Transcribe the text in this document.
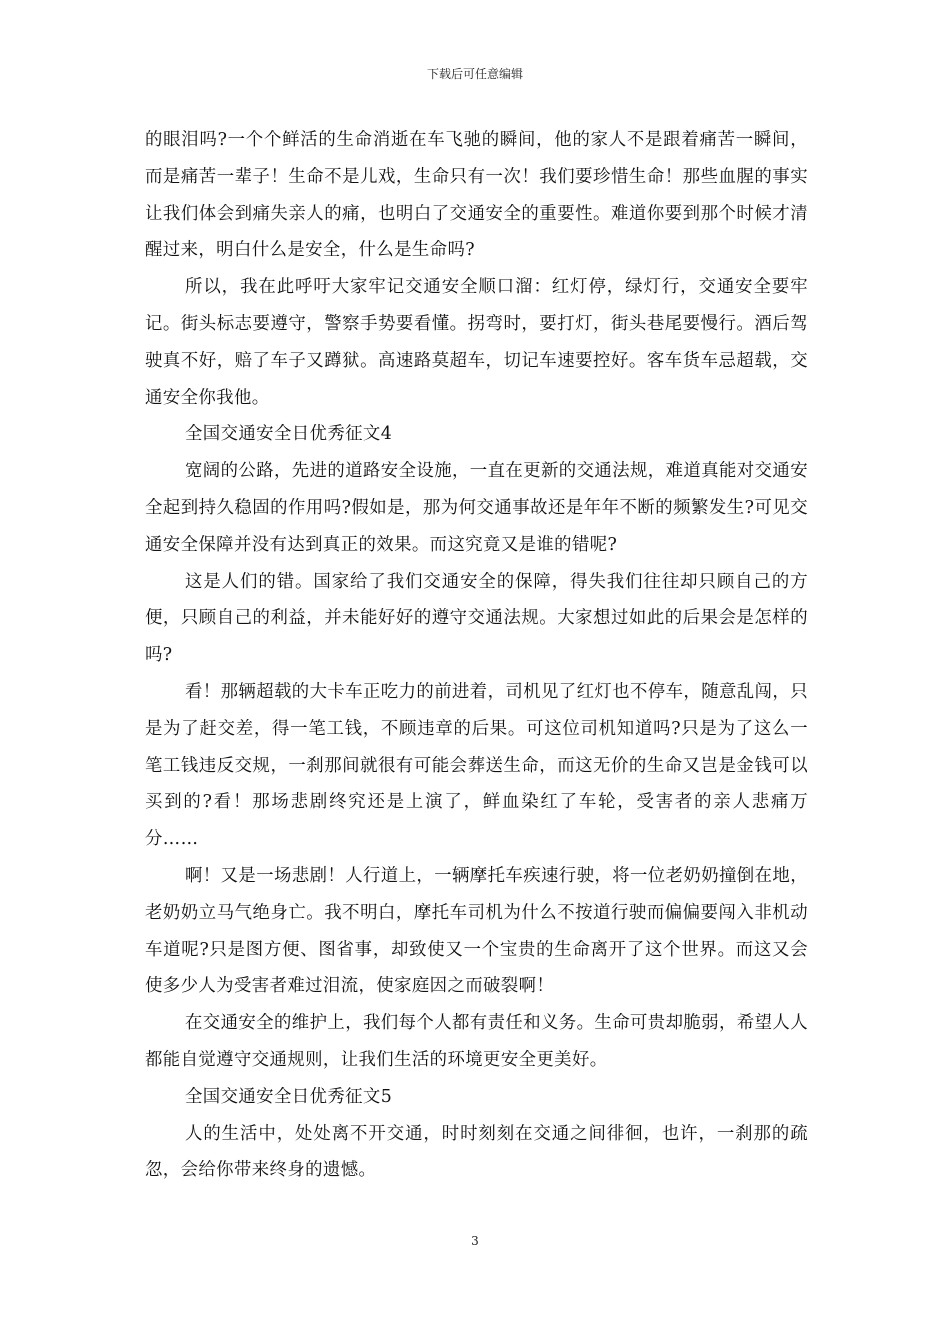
下载后可任意编辑

的眼泪吗?一个个鲜活的生命消逝在车飞驰的瞬间，他的家人不是跟着痛苦一瞬间，而是痛苦一辈子！生命不是儿戏，生命只有一次！我们要珍惜生命！那些血腥的事实让我们体会到痛失亲人的痛，也明白了交通安全的重要性。难道你要到那个时候才清醒过来，明白什么是安全，什么是生命吗?

所以，我在此呼吁大家牢记交通安全顺口溜：红灯停，绿灯行，交通安全要牢记。街头标志要遵守，警察手势要看懂。拐弯时，要打灯，街头巷尾要慢行。酒后驾驶真不好，赔了车子又蹲狱。高速路莫超车，切记车速要控好。客车货车忌超载，交通安全你我他。

全国交通安全日优秀征文4

宽阔的公路，先进的道路安全设施，一直在更新的交通法规，难道真能对交通安全起到持久稳固的作用吗?假如是，那为何交通事故还是年年不断的频繁发生?可见交通安全保障并没有达到真正的效果。而这究竟又是谁的错呢?

这是人们的错。国家给了我们交通安全的保障，得失我们往往却只顾自己的方便，只顾自己的利益，并未能好好的遵守交通法规。大家想过如此的后果会是怎样的吗?

看！那辆超载的大卡车正吃力的前进着，司机见了红灯也不停车，随意乱闯，只是为了赶交差，得一笔工钱，不顾违章的后果。可这位司机知道吗?只是为了这么一笔工钱违反交规，一刹那间就很有可能会葬送生命，而这无价的生命又岂是金钱可以买到的?看！那场悲剧终究还是上演了，鲜血染红了车轮，受害者的亲人悲痛万分……

啊！又是一场悲剧！人行道上，一辆摩托车疾速行驶，将一位老奶奶撞倒在地，老奶奶立马气绝身亡。我不明白，摩托车司机为什么不按道行驶而偏偏要闯入非机动车道呢?只是图方便、图省事，却致使又一个宝贵的生命离开了这个世界。而这又会使多少人为受害者难过泪流，使家庭因之而破裂啊！

在交通安全的维护上，我们每个人都有责任和义务。生命可贵却脆弱，希望人人都能自觉遵守交通规则，让我们生活的环境更安全更美好。

全国交通安全日优秀征文5

人的生活中，处处离不开交通，时时刻刻在交通之间徘徊，也许，一刹那的疏忽，会给你带来终身的遗憾。

3
